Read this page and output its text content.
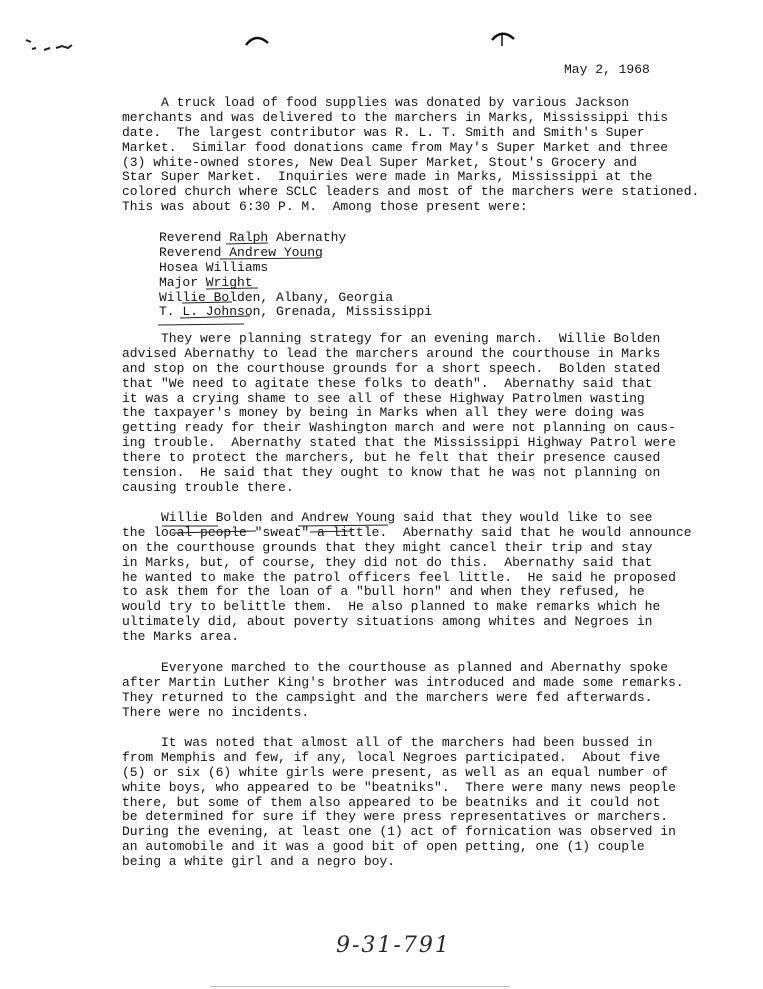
May 2, 1968
A truck load of food supplies was donated by various Jackson
merchants and was delivered to the marchers in Marks, Mississippi this
date.  The largest contributor was R. L. T. Smith and Smith's Super
Market.  Similar food donations came from May's Super Market and three
(3) white-owned stores, New Deal Super Market, Stout's Grocery and
Star Super Market.  Inquiries were made in Marks, Mississippi at the
colored church where SCLC leaders and most of the marchers were stationed.
This was about 6:30 P. M.  Among those present were:
Reverend Ralph Abernathy
Reverend Andrew Young
Hosea Williams
Major Wright
Willie Bolden, Albany, Georgia
T. L. Johnson, Grenada, Mississippi
They were planning strategy for an evening march.  Willie Bolden
advised Abernathy to lead the marchers around the courthouse in Marks
and stop on the courthouse grounds for a short speech.  Bolden stated
that "We need to agitate these folks to death".  Abernathy said that
it was a crying shame to see all of these Highway Patrolmen wasting
the taxpayer's money by being in Marks when all they were doing was
getting ready for their Washington march and were not planning on caus-
ing trouble.  Abernathy stated that the Mississippi Highway Patrol were
there to protect the marchers, but he felt that their presence caused
tension.  He said that they ought to know that he was not planning on
causing trouble there.
Willie Bolden and Andrew Young said that they would like to see
the local people "sweat" a little.  Abernathy said that he would announce
on the courthouse grounds that they might cancel their trip and stay
in Marks, but, of course, they did not do this.  Abernathy said that
he wanted to make the patrol officers feel little.  He said he proposed
to ask them for the loan of a "bull horn" and when they refused, he
would try to belittle them.  He also planned to make remarks which he
ultimately did, about poverty situations among whites and Negroes in
the Marks area.
Everyone marched to the courthouse as planned and Abernathy spoke
after Martin Luther King's brother was introduced and made some remarks.
They returned to the campsight and the marchers were fed afterwards.
There were no incidents.
It was noted that almost all of the marchers had been bussed in
from Memphis and few, if any, local Negroes participated.  About five
(5) or six (6) white girls were present, as well as an equal number of
white boys, who appeared to be "beatniks".  There were many news people
there, but some of them also appeared to be beatniks and it could not
be determined for sure if they were press representatives or marchers.
During the evening, at least one (1) act of fornication was observed in
an automobile and it was a good bit of open petting, one (1) couple
being a white girl and a negro boy.
9-31-791
